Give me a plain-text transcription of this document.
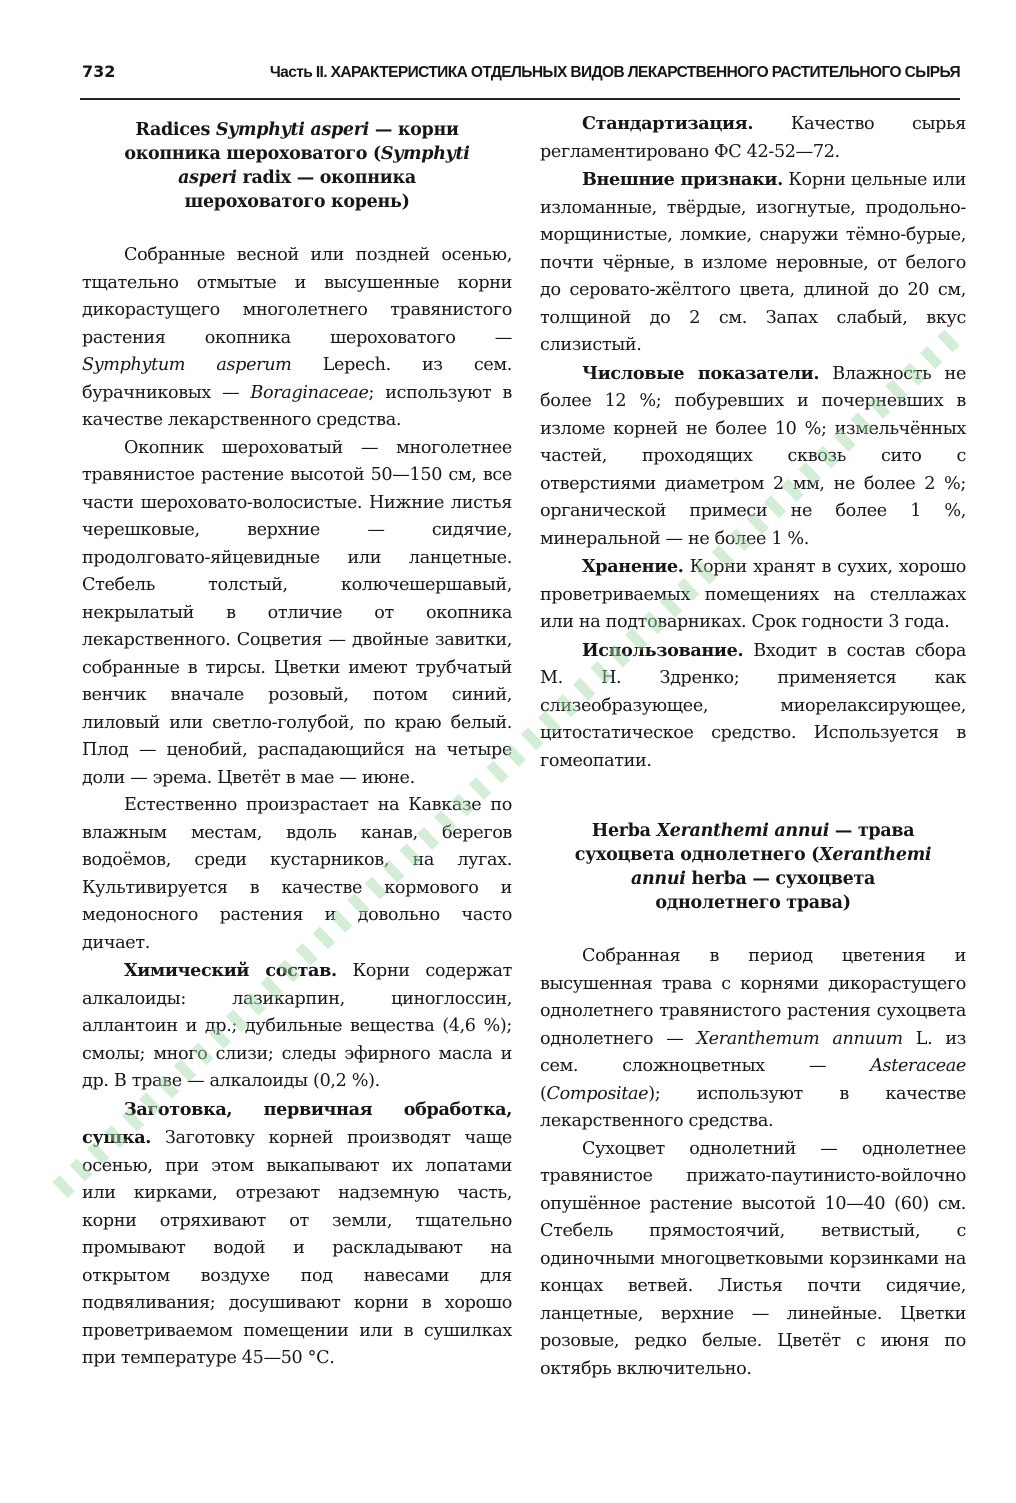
732	Часть II. ХАРАКТЕРИСТИКА ОТДЕЛЬНЫХ ВИДОВ ЛЕКАРСТВЕННОГО РАСТИТЕЛЬНОГО СЫРЬЯ
Radices Symphyti asperi — корни
окопника шероховатого (Symphyti
asperi radix — окопника
шероховатого корень)

Собранные весной или поздней осенью, тщательно отмытые и высушенные корни дикорастущего многолетнего травянистого растения окопника шероховатого — Symphytum asperum Lepech. из сем. бурачниковых — Boraginaceae; используют в качестве лекарственного средства.

Окопник шероховатый — многолетнее травянистое растение высотой 50—150 см, все части шероховато-волосистые. Нижние листья черешковые, верхние — сидячие, продолговато-яйцевидные или ланцетные. Стебель толстый, колючешершавый, некрылатый в отличие от окопника лекарственного. Соцветия — двойные завитки, собранные в тирсы. Цветки имеют трубчатый венчик вначале розовый, потом синий, лиловый или светло-голубой, по краю белый. Плод — ценобий, распадающийся на четыре доли — эрема. Цветёт в мае — июне.

Естественно произрастает на Кавказе по влажным местам, вдоль канав, берегов водоёмов, среди кустарников, на лугах. Культивируется в качестве кормового и медоносного растения и довольно часто дичает.

Химический состав. Корни содержат алкалоиды: лазикарпин, циноглоссин, аллантоин и др.; дубильные вещества (4,6 %); смолы; много слизи; следы эфирного масла и др. В траве — алкалоиды (0,2 %).

Заготовка, первичная обработка, сушка. Заготовку корней производят чаще осенью, при этом выкапывают их лопатами или кирками, отрезают надземную часть, корни отряхивают от земли, тщательно промывают водой и раскладывают на открытом воздухе под навесами для подвяливания; досушивают корни в хорошо проветриваемом помещении или в сушилках при температуре 45—50 °С.

Стандартизация. Качество сырья регламентировано ФС 42-52—72.

Внешние признаки. Корни цельные или изломанные, твёрдые, изогнутые, продольно-морщинистые, ломкие, снаружи тёмно-бурые, почти чёрные, в изломе неровные, от белого до серовато-жёлтого цвета, длиной до 20 см, толщиной до 2 см. Запах слабый, вкус слизистый.

Числовые показатели. Влажность не более 12 %; побуревших и почерневших в изломе корней не более 10 %; измельчённых частей, проходящих сквозь сито с отверстиями диаметром 2 мм, не более 2 %; органической примеси не более 1 %, минеральной — не более 1 %.

Хранение. Корни хранят в сухих, хорошо проветриваемых помещениях на стеллажах или на подтоварниках. Срок годности 3 года.

Использование. Входит в состав сбора М. Н. Здренко; применяется как слизеобразующее, миорелаксирующее, цитостатическое средство. Используется в гомеопатии.

Herba Xeranthemi annui — трава
сухоцвета однолетнего (Xeranthemi
annui herba — сухоцвета
однолетнего трава)

Собранная в период цветения и высушенная трава с корнями дикорастущего однолетнего травянистого растения сухоцвета однолетнего — Xeranthemum annuum L. из сем. сложноцветных — Asteraceae (Compositae); используют в качестве лекарственного средства.

Сухоцвет однолетний — однолетнее травянистое прижато-паутинисто-войлочно опушённое растение высотой 10—40 (60) см. Стебель прямостоячий, ветвистый, с одиночными многоцветковыми корзинками на концах ветвей. Листья почти сидячие, ланцетные, верхние — линейные. Цветки розовые, редко белые. Цветёт с июня по октябрь включительно.
